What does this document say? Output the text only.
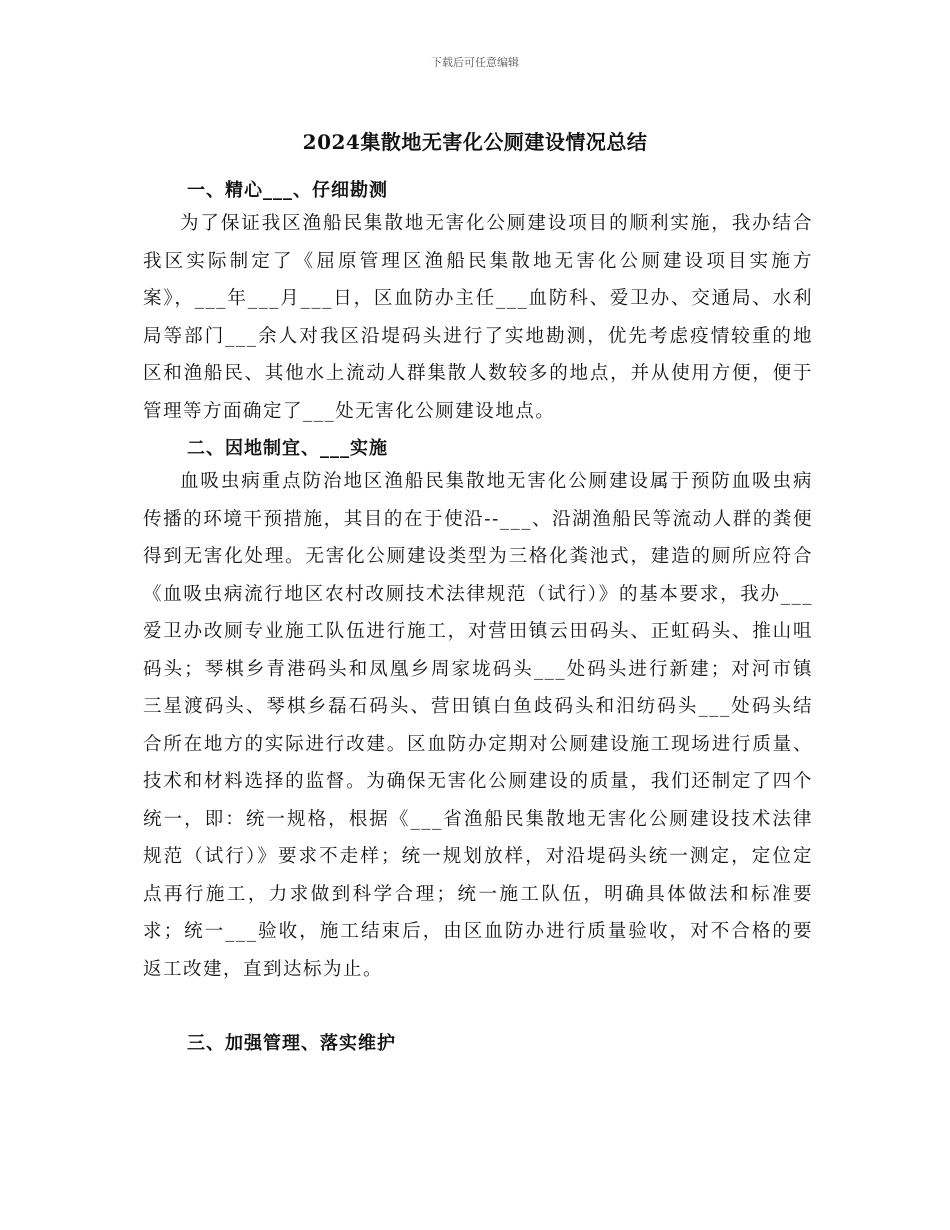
下载后可任意编辑
2024集散地无害化公厕建设情况总结
一、精心___、仔细勘测

为了保证我区渔船民集散地无害化公厕建设项目的顺利实施，我办结合我区实际制定了《屈原管理区渔船民集散地无害化公厕建设项目实施方案》，___年___月___日，区血防办主任___血防科、爱卫办、交通局、水利局等部门___余人对我区沿堤码头进行了实地勘测，优先考虑疫情较重的地区和渔船民、其他水上流动人群集散人数较多的地点，并从使用方便，便于管理等方面确定了___处无害化公厕建设地点。

二、因地制宜、___实施

血吸虫病重点防治地区渔船民集散地无害化公厕建设属于预防血吸虫病传播的环境干预措施，其目的在于使沿--___、沿湖渔船民等流动人群的粪便得到无害化处理。无害化公厕建设类型为三格化粪池式，建造的厕所应符合《血吸虫病流行地区农村改厕技术法律规范（试行）》的基本要求，我办___爱卫办改厕专业施工队伍进行施工，对营田镇云田码头、正虹码头、推山咀码头；琴棋乡青港码头和凤凰乡周家垅码头___处码头进行新建；对河市镇三星渡码头、琴棋乡磊石码头、营田镇白鱼歧码头和汨纺码头___处码头结合所在地方的实际进行改建。区血防办定期对公厕建设施工现场进行质量、技术和材料选择的监督。为确保无害化公厕建设的质量，我们还制定了四个统一，即：统一规格，根据《___省渔船民集散地无害化公厕建设技术法律规范（试行）》要求不走样；统一规划放样，对沿堤码头统一测定，定位定点再行施工，力求做到科学合理；统一施工队伍，明确具体做法和标准要求；统一___验收，施工结束后，由区血防办进行质量验收，对不合格的要返工改建，直到达标为止。

三、加强管理、落实维护
